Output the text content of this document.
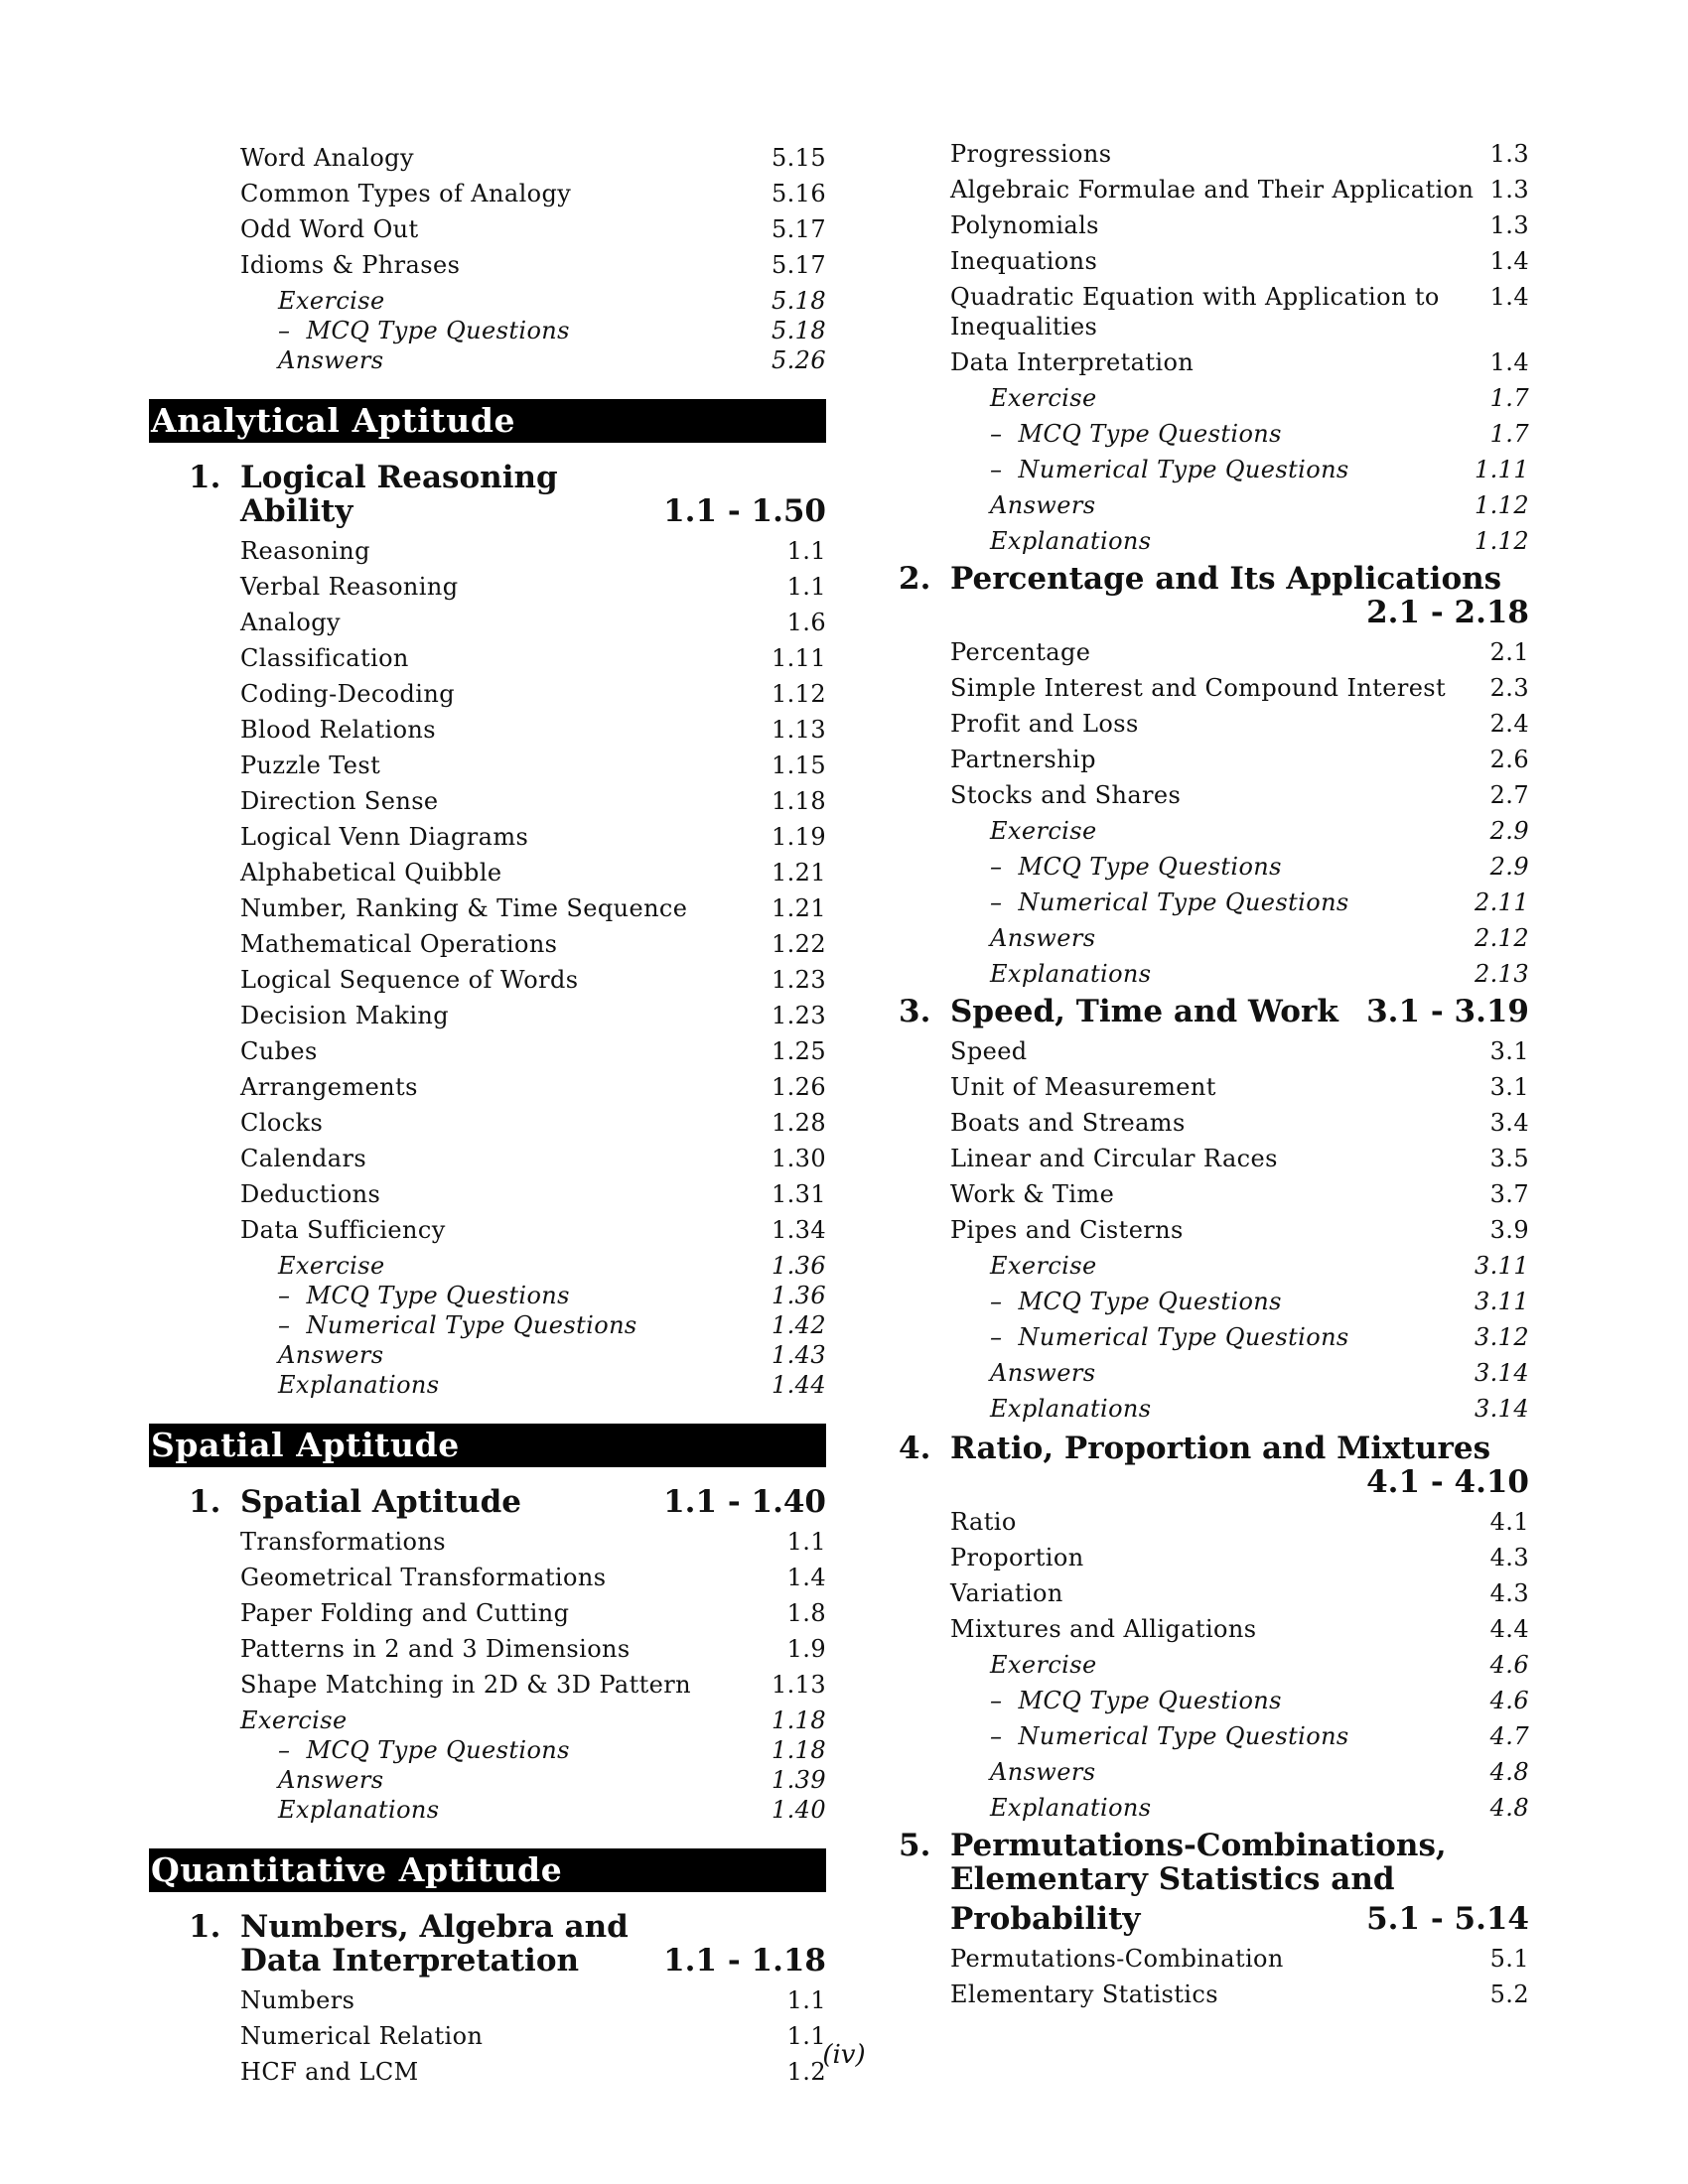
Word Analogy	5.15
Common Types of Analogy	5.16
Odd Word Out	5.17
Idioms & Phrases	5.17
Exercise	5.18
–  MCQ Type Questions	5.18
Answers	5.26
Analytical Aptitude
1. Logical Reasoning Ability	1.1 - 1.50
Reasoning	1.1
Verbal Reasoning	1.1
Analogy	1.6
Classification	1.11
Coding-Decoding	1.12
Blood Relations	1.13
Puzzle Test	1.15
Direction Sense	1.18
Logical Venn Diagrams	1.19
Alphabetical Quibble	1.21
Number, Ranking & Time Sequence	1.21
Mathematical Operations	1.22
Logical Sequence of Words	1.23
Decision Making	1.23
Cubes	1.25
Arrangements	1.26
Clocks	1.28
Calendars	1.30
Deductions	1.31
Data Sufficiency	1.34
Exercise	1.36
–  MCQ Type Questions	1.36
–  Numerical Type Questions	1.42
Answers	1.43
Explanations	1.44
Spatial Aptitude
1. Spatial Aptitude	1.1 - 1.40
Transformations	1.1
Geometrical Transformations	1.4
Paper Folding and Cutting	1.8
Patterns in 2 and 3 Dimensions	1.9
Shape Matching in 2D & 3D Pattern	1.13
Exercise	1.18
–  MCQ Type Questions	1.18
Answers	1.39
Explanations	1.40
Quantitative Aptitude
1. Numbers, Algebra and
Data Interpretation	1.1 - 1.18
Numbers	1.1
Numerical Relation	1.1
HCF and LCM	1.2
Progressions	1.3
Algebraic Formulae and Their Application 1.3
Polynomials	1.3
Inequations	1.4
Quadratic Equation with Application to Inequalities
1.4
Data Interpretation	1.4
Exercise	1.7
–  MCQ Type Questions	1.7
–  Numerical Type Questions	1.11
Answers	1.12
Explanations	1.12
2. Percentage and Its Applications
2.1 - 2.18
Percentage	2.1
Simple Interest and Compound Interest	2.3
Profit and Loss	2.4
Partnership	2.6
Stocks and Shares	2.7
Exercise	2.9
–  MCQ Type Questions	2.9
–  Numerical Type Questions	2.11
Answers	2.12
Explanations	2.13
3. Speed, Time and Work 3.1 - 3.19
Speed	3.1
Unit of Measurement	3.1
Boats and Streams	3.4
Linear and Circular Races	3.5
Work & Time	3.7
Pipes and Cisterns	3.9
Exercise	3.11
–  MCQ Type Questions	3.11
–  Numerical Type Questions	3.12
Answers	3.14
Explanations	3.14
4. Ratio, Proportion and Mixtures
4.1 - 4.10
Ratio	4.1
Proportion	4.3
Variation	4.3
Mixtures and Alligations	4.4
Exercise	4.6
–  MCQ Type Questions	4.6
–  Numerical Type Questions	4.7
Answers	4.8
Explanations	4.8
5. Permutations-Combinations,
Elementary Statistics and
Probability	5.1 - 5.14
Permutations-Combination	5.1
Elementary Statistics	5.2
(iv)
